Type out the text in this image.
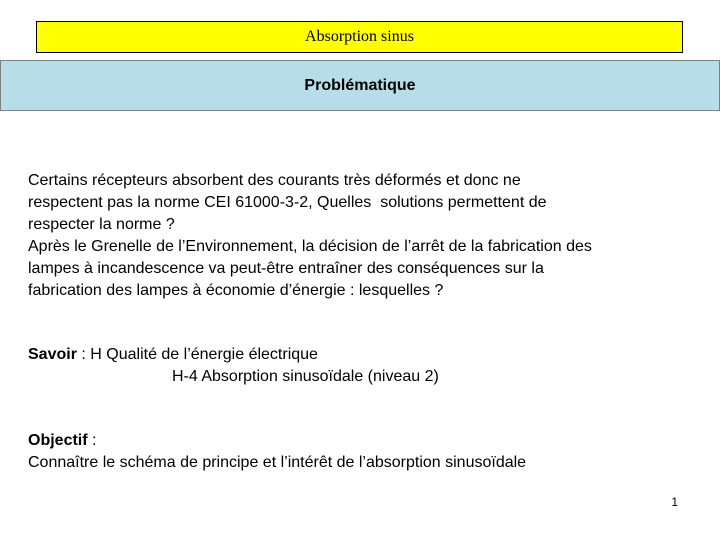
Absorption sinus
Problématique
Certains récepteurs absorbent des courants très déformés et donc ne
respectent pas la norme CEI 61000-3-2, Quelles  solutions permettent de
respecter la norme ?
Après le Grenelle de l’Environnement, la décision de l’arrêt de la fabrication des
lampes à incandescence va peut-être entraîner des conséquences sur la
fabrication des lampes à économie d’énergie : lesquelles ?
Savoir : H Qualité de l’énergie électrique
H-4 Absorption sinusoïdale (niveau 2)
Objectif :
Connaître le schéma de principe et l’intérêt de l’absorption sinusoïdale
1
